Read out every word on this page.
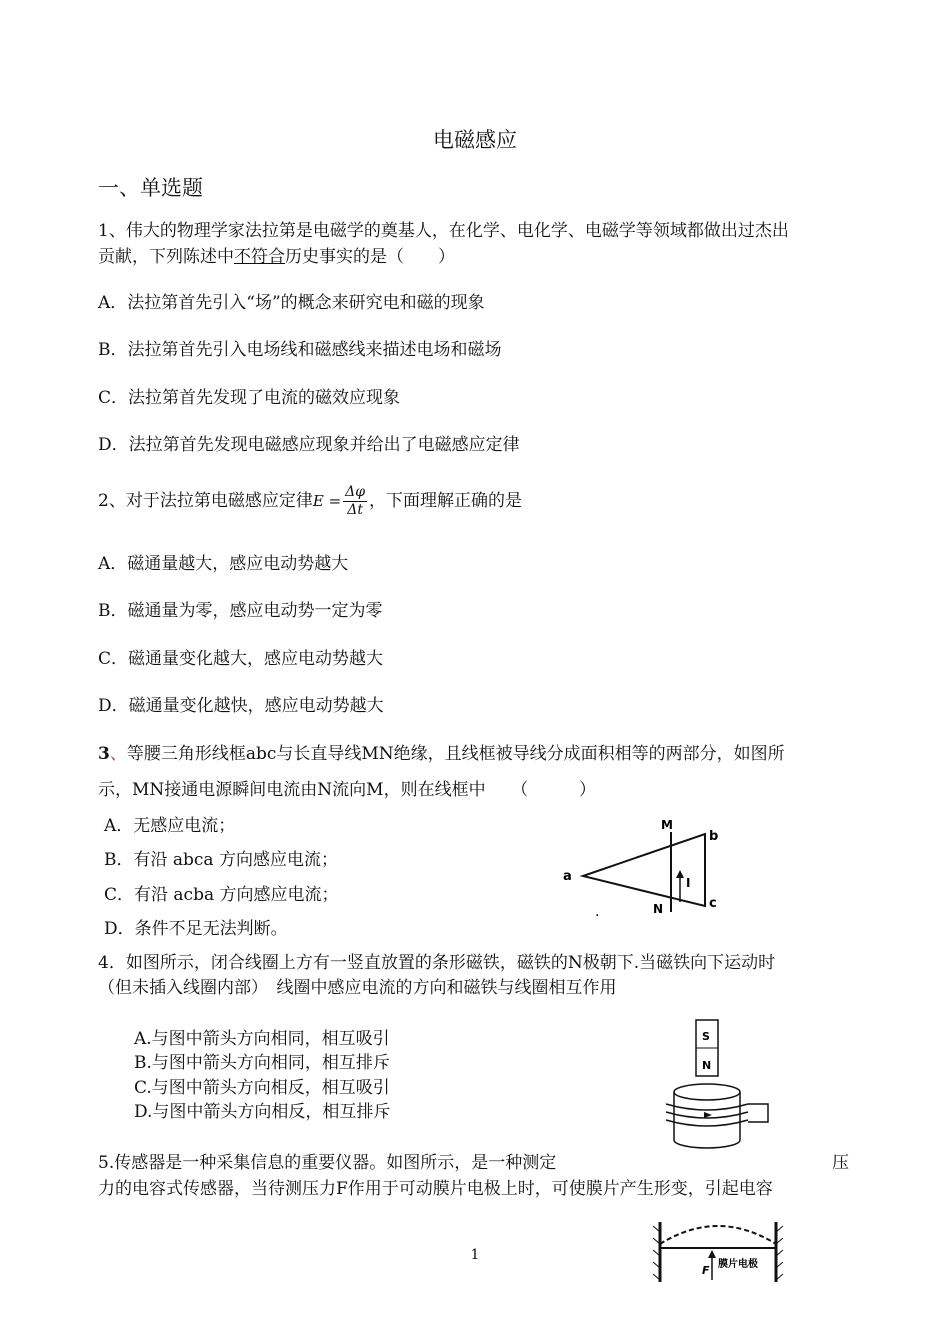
电磁感应
一、单选题
1、伟大的物理学家法拉第是电磁学的奠基人，在化学、电化学、电磁学等领域都做出过杰出
贡献，下列陈述中不符合历史事实的是（　　）
A．法拉第首先引入“场”的概念来研究电和磁的现象
B．法拉第首先引入电场线和磁感线来描述电场和磁场
C．法拉第首先发现了电流的磁效应现象
D．法拉第首先发现电磁感应现象并给出了电磁感应定律
2、对于法拉第电磁感应定律$E = \frac{\Delta\varphi}{\Delta t}$ ，下面理解正确的是
A．磁通量越大，感应电动势越大
B．磁通量为零，感应电动势一定为零
C．磁通量变化越大，感应电动势越大
D．磁通量变化越快，感应电动势越大
3、等腰三角形线框abc与长直导线MN绝缘，且线框被导线分成面积相等的两部分，如图所
示，MN接通电源瞬间电流由N流向M，则在线框中　　（　　　）
A．无感应电流；
B．有沿 abca 方向感应电流；
C．有沿 acba 方向感应电流；
D．条件不足无法判断。
M
N
a
b
c
I
.
4．如图所示，闭合线圈上方有一竖直放置的条形磁铁，磁铁的N极朝下.当磁铁向下运动时
（但未插入线圈内部）　线圈中感应电流的方向和磁铁与线圈相互作用
A.与图中箭头方向相同，相互吸引
B.与图中箭头方向相同，相互排斥
C.与图中箭头方向相反，相互吸引
D.与图中箭头方向相反，相互排斥
S
N
5.传感器是一种采集信息的重要仪器。如图所示，是一种测定	压
力的电容式传感器，当待测压力F作用于可动膜片电极上时，可使膜片产生形变，引起电容
F 膜片电极
1
